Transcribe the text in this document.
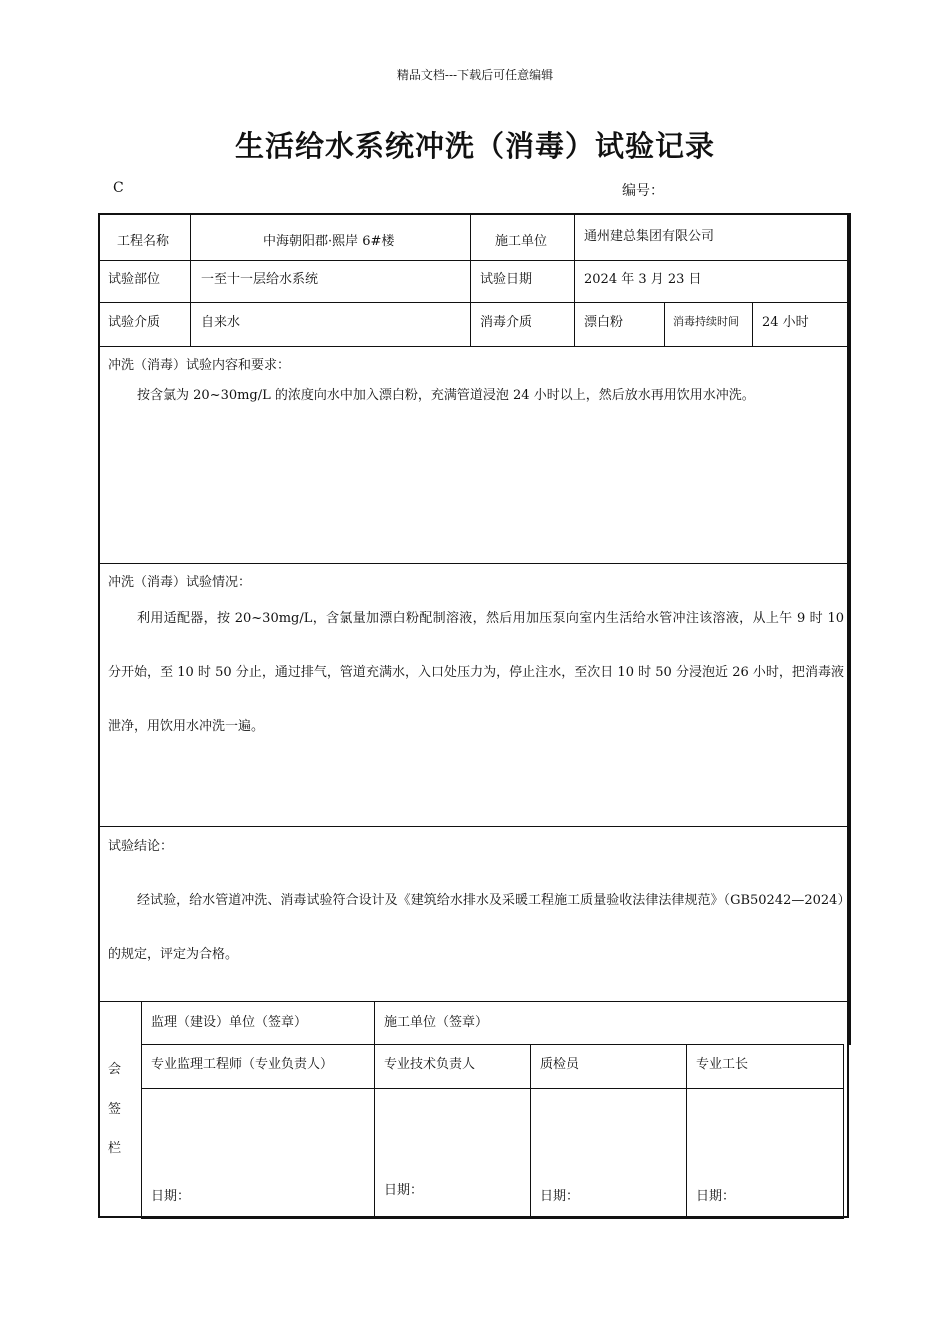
精品文档---下载后可任意编辑
生活给水系统冲洗（消毒）试验记录
C	编号：
工程名称	中海朝阳郡·熙岸 6#楼	施工单位	通州建总集团有限公司
试验部位	一至十一层给水系统	试验日期	2024 年 3 月 23 日
试验介质	自来水	消毒介质	漂白粉	消毒持续时间 24 小时
冲洗（消毒）试验内容和要求：
按含氯为 20~30mg/L 的浓度向水中加入漂白粉，充满管道浸泡 24 小时以上，然后放水再用饮用水冲洗。
冲洗（消毒）试验情况：
利用适配器，按 20~30mg/L，含氯量加漂白粉配制溶液，然后用加压泵向室内生活给水管冲注该溶液，从上午 9 时 10 分开始，至 10 时 50 分止，通过排气，管道充满水，入口处压力为，停止注水，至次日 10 时 50 分浸泡近 26 小时，把消毒液泄净，用饮用水冲洗一遍。
试验结论：
经试验，给水管道冲洗、消毒试验符合设计及《建筑给水排水及采暖工程施工质量验收法律法律规范》（GB50242—2024）的规定，评定为合格。
会
签
栏
监理（建设）单位（签章）	施工单位（签章）
专业监理工程师（专业负责人）	专业技术负责人	质检员	专业工长
日期：	日期：	日期：	日期：
